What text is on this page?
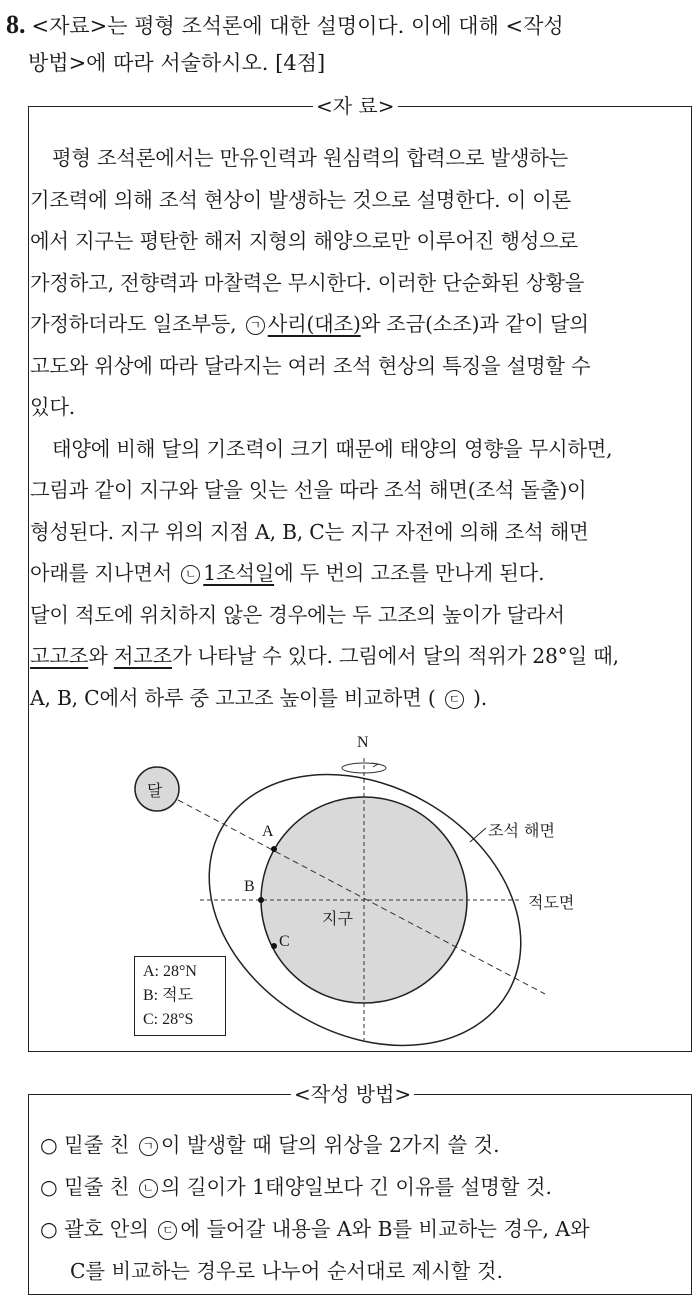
8. <자료>는 평형 조석론에 대한 설명이다. 이에 대해 <작성
방법>에 따라 서술하시오. [4점]
<자 료>

평형 조석론에서는 만유인력과 원심력의 합력으로 발생하는

기조력에 의해 조석 현상이 발생하는 것으로 설명한다. 이 이론

에서 지구는 평탄한 해저 지형의 해양으로만 이루어진 행성으로

가정하고, 전향력과 마찰력은 무시한다. 이러한 단순화된 상황을

가정하더라도 일조부등, ㄱ 사리(대조)와 조금(소조)과 같이 달의

고도와 위상에 따라 달라지는 여러 조석 현상의 특징을 설명할 수

있다.

태양에 비해 달의 기조력이 크기 때문에 태양의 영향을 무시하면,

그림과 같이 지구와 달을 잇는 선을 따라 조석 해면(조석 돌출)이

형성된다. 지구 위의 지점 A, B, C는 지구 자전에 의해 조석 해면

아래를 지나면서 ㄴ 1조석일에 두 번의 고조를 만나게 된다.

달이 적도에 위치하지 않은 경우에는 두 고조의 높이가 달라서

고고조와 저고조가 나타날 수 있다. 그림에서 달의 적위가 28°일 때,

A, B, C에서 하루 중 고고조 높이를 비교하면 ( ㄷ ).

달
N
조석 해면
적도면
지구
A
B
C
A: 28°N
B: 적도
C: 28°S
<작성 방법>
○ 밑줄 친 ㄱ 이 발생할 때 달의 위상을 2가지 쓸 것.
○ 밑줄 친 ㄴ 의 길이가 1태양일보다 긴 이유를 설명할 것.
○ 괄호 안의 ㄷ 에 들어갈 내용을 A와 B를 비교하는 경우, A와
C를 비교하는 경우로 나누어 순서대로 제시할 것.
